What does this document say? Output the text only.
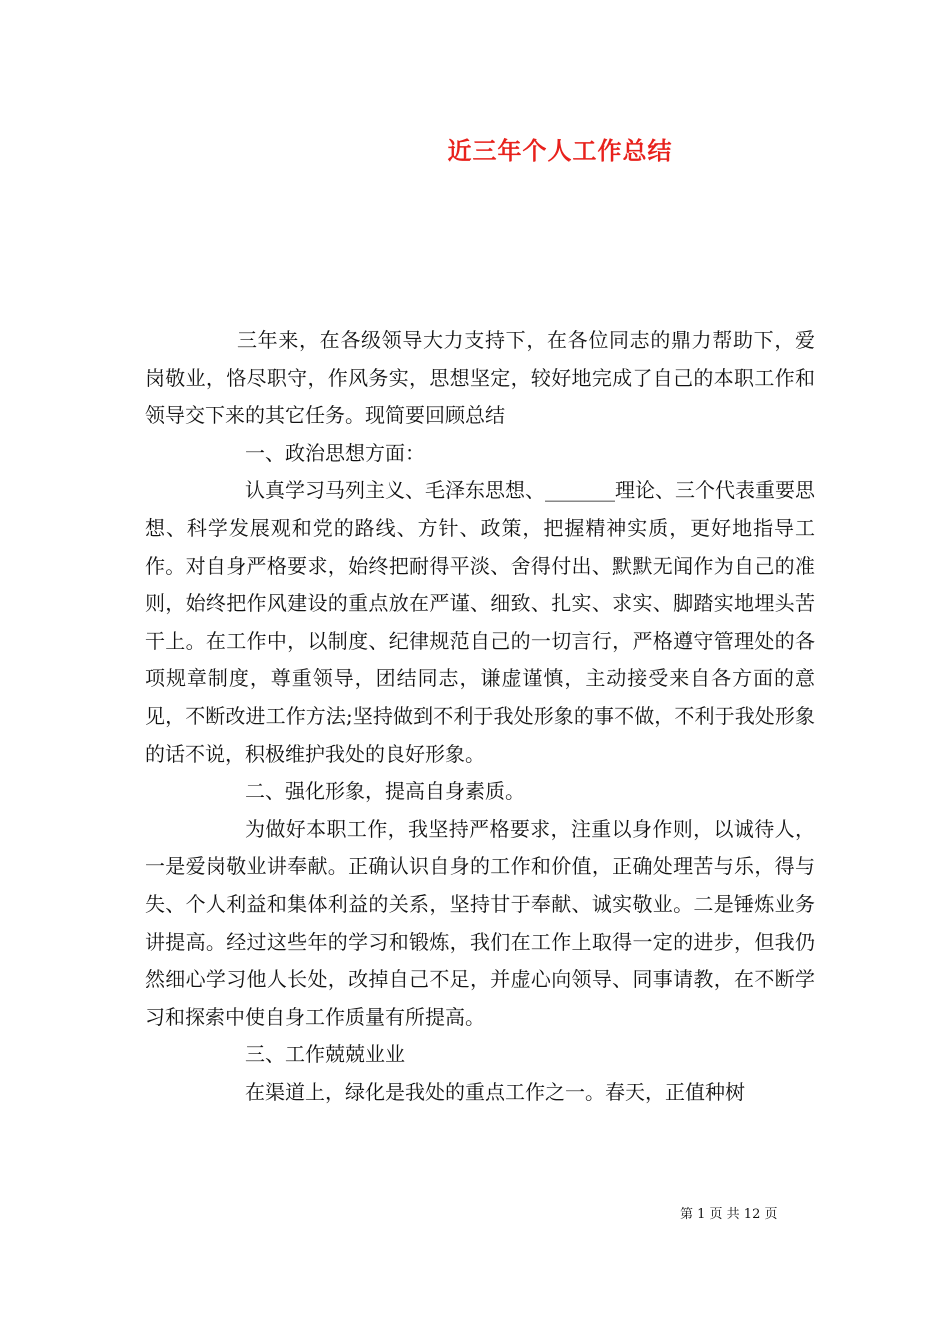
近三年个人工作总结

三年来，在各级领导大力支持下，在各位同志的鼎力帮助下，爱岗敬业，恪尽职守，作风务实，思想坚定，较好地完成了自己的本职工作和领导交下来的其它任务。现简要回顾总结

一、政治思想方面：

认真学习马列主义、毛泽东思想、_______理论、三个代表重要思想、科学发展观和党的路线、方针、政策，把握精神实质，更好地指导工作。对自身严格要求，始终把耐得平淡、舍得付出、默默无闻作为自己的准则，始终把作风建设的重点放在严谨、细致、扎实、求实、脚踏实地埋头苦干上。在工作中，以制度、纪律规范自己的一切言行，严格遵守管理处的各项规章制度，尊重领导，团结同志，谦虚谨慎，主动接受来自各方面的意见，不断改进工作方法;坚持做到不利于我处形象的事不做，不利于我处形象的话不说，积极维护我处的良好形象。

二、强化形象，提高自身素质。

为做好本职工作，我坚持严格要求，注重以身作则，以诚待人，一是爱岗敬业讲奉献。正确认识自身的工作和价值，正确处理苦与乐，得与失、个人利益和集体利益的关系，坚持甘于奉献、诚实敬业。二是锤炼业务讲提高。经过这些年的学习和锻炼，我们在工作上取得一定的进步，但我仍然细心学习他人长处，改掉自己不足，并虚心向领导、同事请教，在不断学习和探索中使自身工作质量有所提高。

三、工作兢兢业业

在渠道上，绿化是我处的重点工作之一。春天，正值种树

第 1 页 共 12 页
